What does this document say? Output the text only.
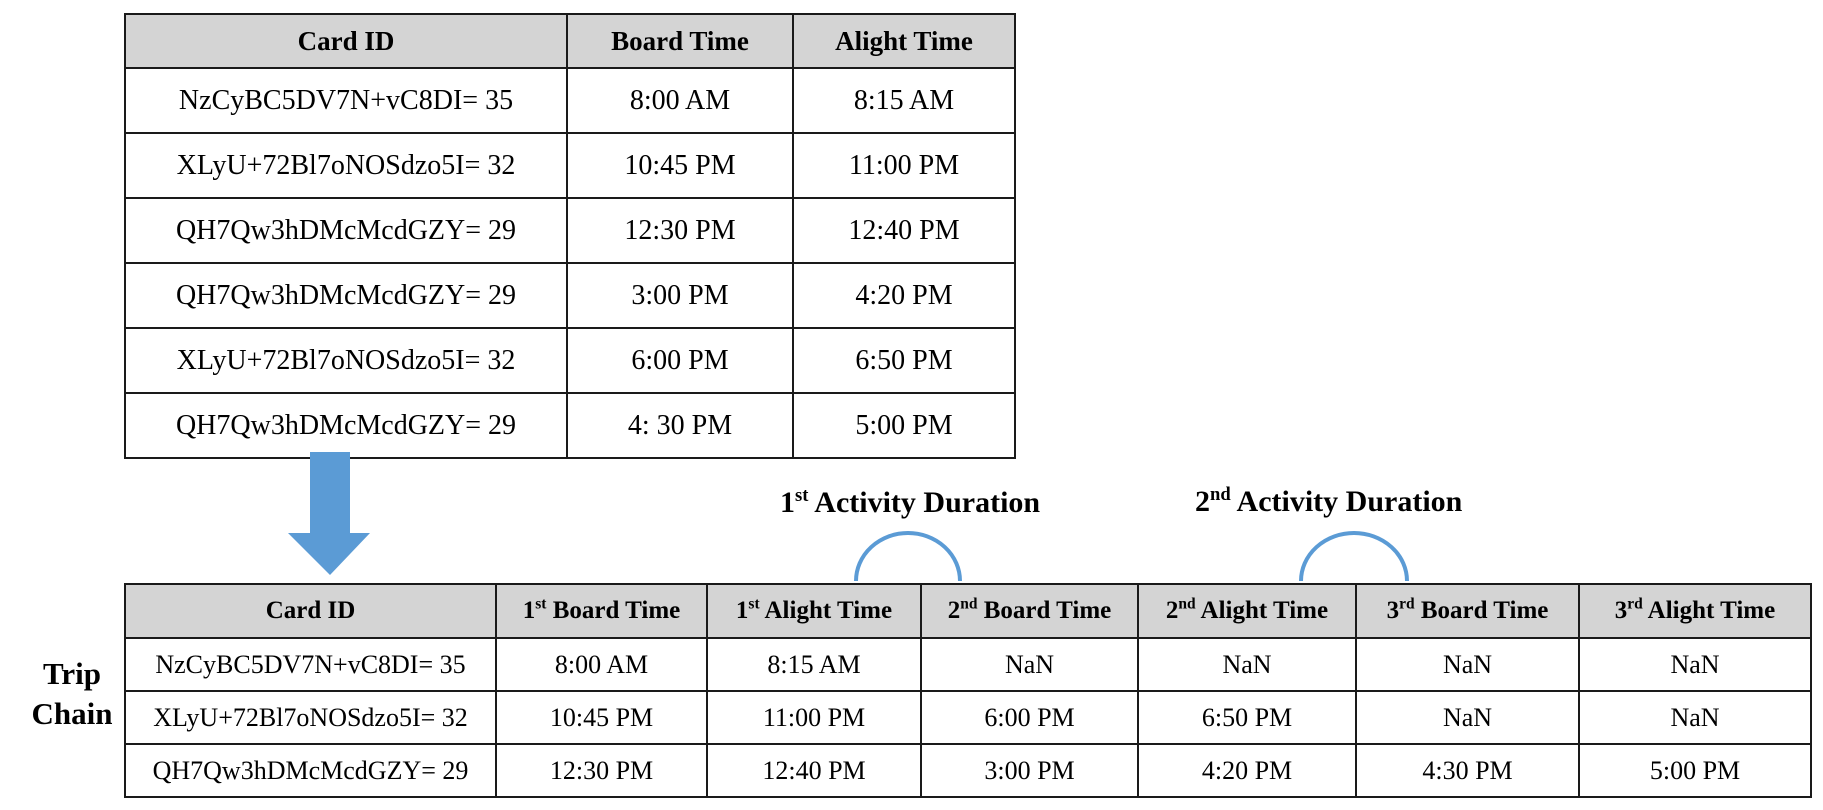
Card ID	Board Time	Alight Time
NzCyBC5DV7N+vC8DI= 35	8:00 AM	8:15 AM
XLyU+72Bl7oNOSdzo5I= 32	10:45 PM	11:00 PM
QH7Qw3hDMcMcdGZY= 29	12:30 PM	12:40 PM
QH7Qw3hDMcMcdGZY= 29	3:00 PM	4:20 PM
XLyU+72Bl7oNOSdzo5I= 32	6:00 PM	6:50 PM
QH7Qw3hDMcMcdGZY= 29	4: 30 PM	5:00 PM
1st Activity Duration	2nd Activity Duration
Trip
Chain
Card ID	1st Board Time	1st Alight Time	2nd Board Time	2nd Alight Time	3rd Board Time	3rd Alight Time
NzCyBC5DV7N+vC8DI= 35	8:00 AM	8:15 AM	NaN	NaN	NaN	NaN
XLyU+72Bl7oNOSdzo5I= 32	10:45 PM	11:00 PM	6:00 PM	6:50 PM	NaN	NaN
QH7Qw3hDMcMcdGZY= 29	12:30 PM	12:40 PM	3:00 PM	4:20 PM	4:30 PM	5:00 PM
